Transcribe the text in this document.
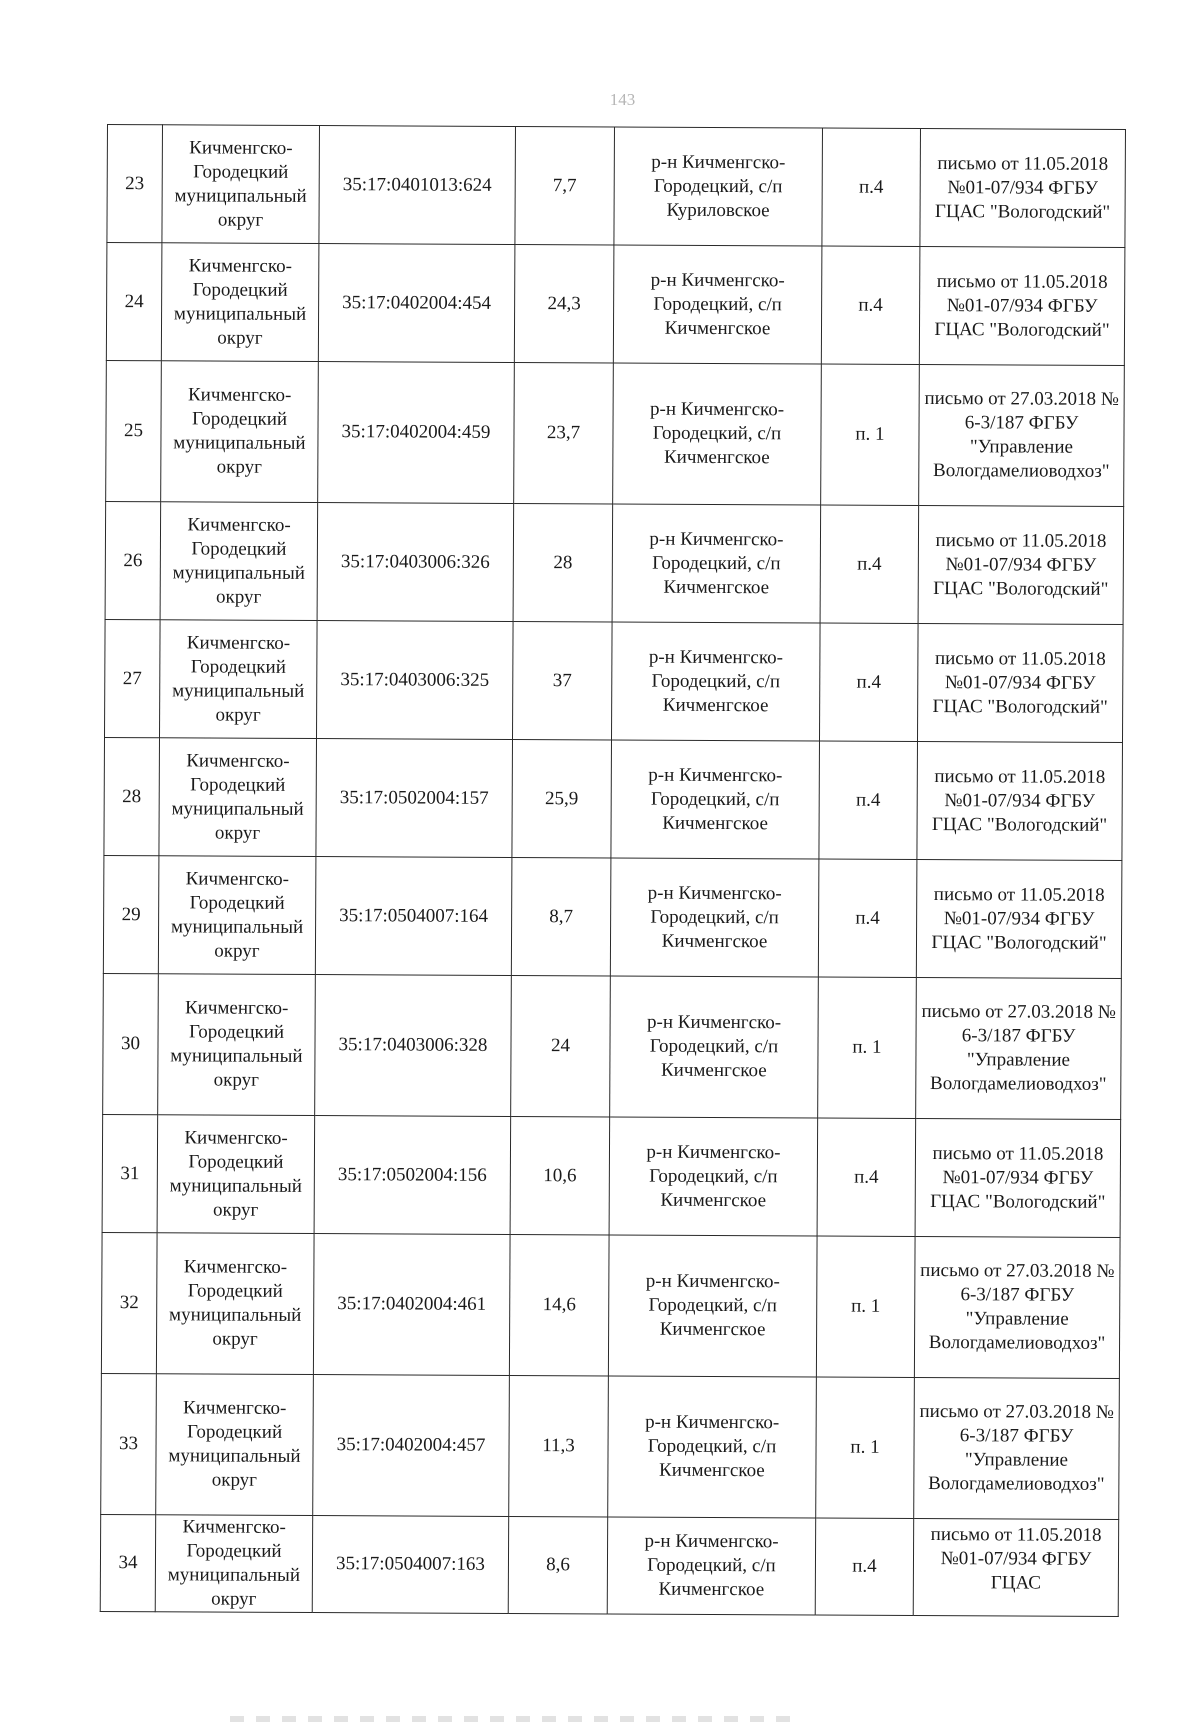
143
23	Кичменгско-Городецкий муниципальный округ	35:17:0401013:624	7,7	р-н Кичменгско-Городецкий, с/п Куриловское	п.4	письмо от 11.05.2018 №01-07/934 ФГБУ ГЦАС "Вологодский"
24	Кичменгско-Городецкий муниципальный округ	35:17:0402004:454	24,3	р-н Кичменгско-Городецкий, с/п Кичменгское	п.4	письмо от 11.05.2018 №01-07/934 ФГБУ ГЦАС "Вологодский"
25	Кичменгско-Городецкий муниципальный округ	35:17:0402004:459	23,7	р-н Кичменгско-Городецкий, с/п Кичменгское	п. 1	письмо от 27.03.2018 № 6-3/187 ФГБУ "Управление Вологдамелиоводхоз"
26	Кичменгско-Городецкий муниципальный округ	35:17:0403006:326	28	р-н Кичменгско-Городецкий, с/п Кичменгское	п.4	письмо от 11.05.2018 №01-07/934 ФГБУ ГЦАС "Вологодский"
27	Кичменгско-Городецкий муниципальный округ	35:17:0403006:325	37	р-н Кичменгско-Городецкий, с/п Кичменгское	п.4	письмо от 11.05.2018 №01-07/934 ФГБУ ГЦАС "Вологодский"
28	Кичменгско-Городецкий муниципальный округ	35:17:0502004:157	25,9	р-н Кичменгско-Городецкий, с/п Кичменгское	п.4	письмо от 11.05.2018 №01-07/934 ФГБУ ГЦАС "Вологодский"
29	Кичменгско-Городецкий муниципальный округ	35:17:0504007:164	8,7	р-н Кичменгско-Городецкий, с/п Кичменгское	п.4	письмо от 11.05.2018 №01-07/934 ФГБУ ГЦАС "Вологодский"
30	Кичменгско-Городецкий муниципальный округ	35:17:0403006:328	24	р-н Кичменгско-Городецкий, с/п Кичменгское	п. 1	письмо от 27.03.2018 № 6-3/187 ФГБУ "Управление Вологдамелиоводхоз"
31	Кичменгско-Городецкий муниципальный округ	35:17:0502004:156	10,6	р-н Кичменгско-Городецкий, с/п Кичменгское	п.4	письмо от 11.05.2018 №01-07/934 ФГБУ ГЦАС "Вологодский"
32	Кичменгско-Городецкий муниципальный округ	35:17:0402004:461	14,6	р-н Кичменгско-Городецкий, с/п Кичменгское	п. 1	письмо от 27.03.2018 № 6-3/187 ФГБУ "Управление Вологдамелиоводхоз"
33	Кичменгско-Городецкий муниципальный округ	35:17:0402004:457	11,3	р-н Кичменгско-Городецкий, с/п Кичменгское	п. 1	письмо от 27.03.2018 № 6-3/187 ФГБУ "Управление Вологдамелиоводхоз"
34	Кичменгско-Городецкий муниципальный округ	35:17:0504007:163	8,6	р-н Кичменгско-Городецкий, с/п Кичменгское	п.4	письмо от 11.05.2018 №01-07/934 ФГБУ ГЦАС
